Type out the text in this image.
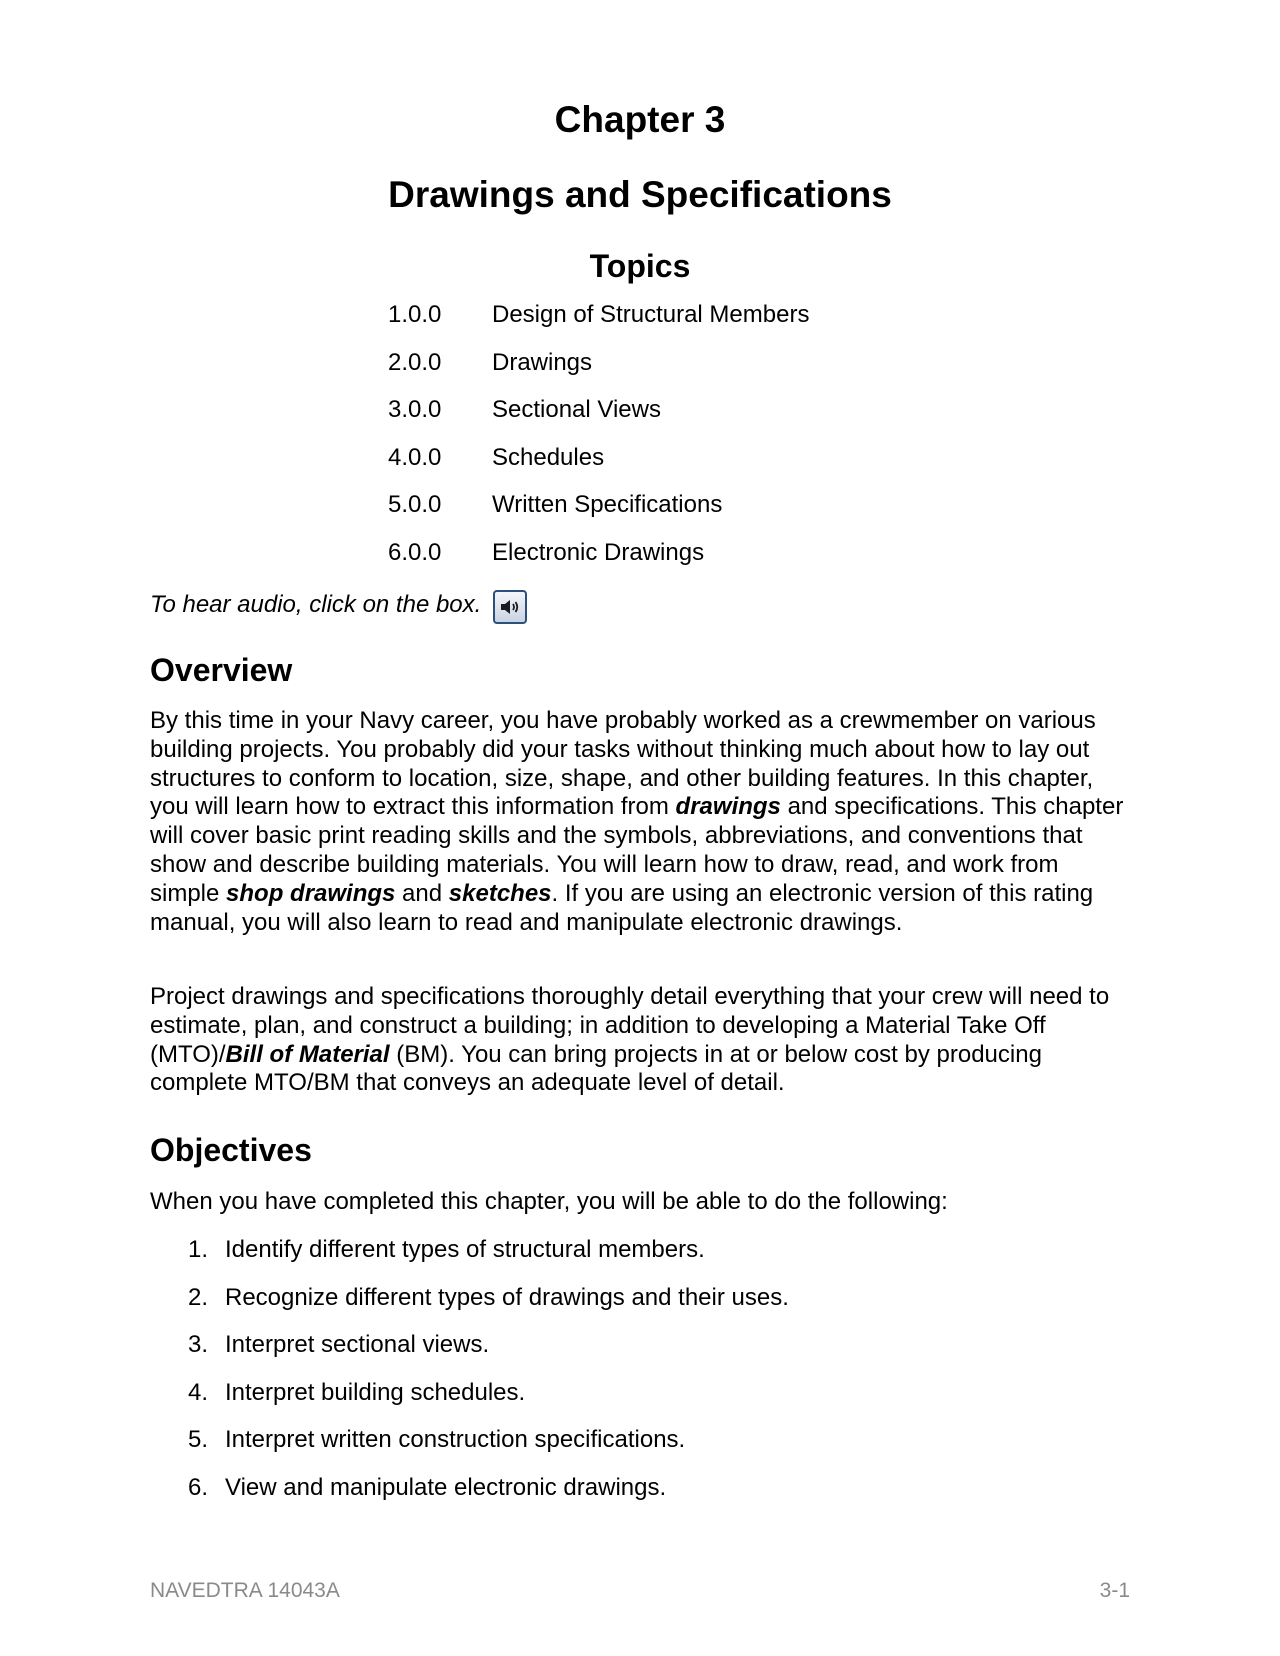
Chapter 3
Drawings and Specifications
Topics
1.0.0	Design of Structural Members
2.0.0	Drawings
3.0.0	Sectional Views
4.0.0	Schedules
5.0.0	Written Specifications
6.0.0	Electronic Drawings
To hear audio, click on the box.
Overview

By this time in your Navy career, you have probably worked as a crewmember on various building projects. You probably did your tasks without thinking much about how to lay out structures to conform to location, size, shape, and other building features. In this chapter, you will learn how to extract this information from drawings and specifications. This chapter will cover basic print reading skills and the symbols, abbreviations, and conventions that show and describe building materials. You will learn how to draw, read, and work from simple shop drawings and sketches. If you are using an electronic version of this rating manual, you will also learn to read and manipulate electronic drawings.

Project drawings and specifications thoroughly detail everything that your crew will need to estimate, plan, and construct a building; in addition to developing a Material Take Off (MTO)/Bill of Material (BM). You can bring projects in at or below cost by producing complete MTO/BM that conveys an adequate level of detail.

Objectives

When you have completed this chapter, you will be able to do the following:

1. Identify different types of structural members.
2. Recognize different types of drawings and their uses.
3. Interpret sectional views.
4. Interpret building schedules.
5. Interpret written construction specifications.
6. View and manipulate electronic drawings.
NAVEDTRA 14043A	3-1
